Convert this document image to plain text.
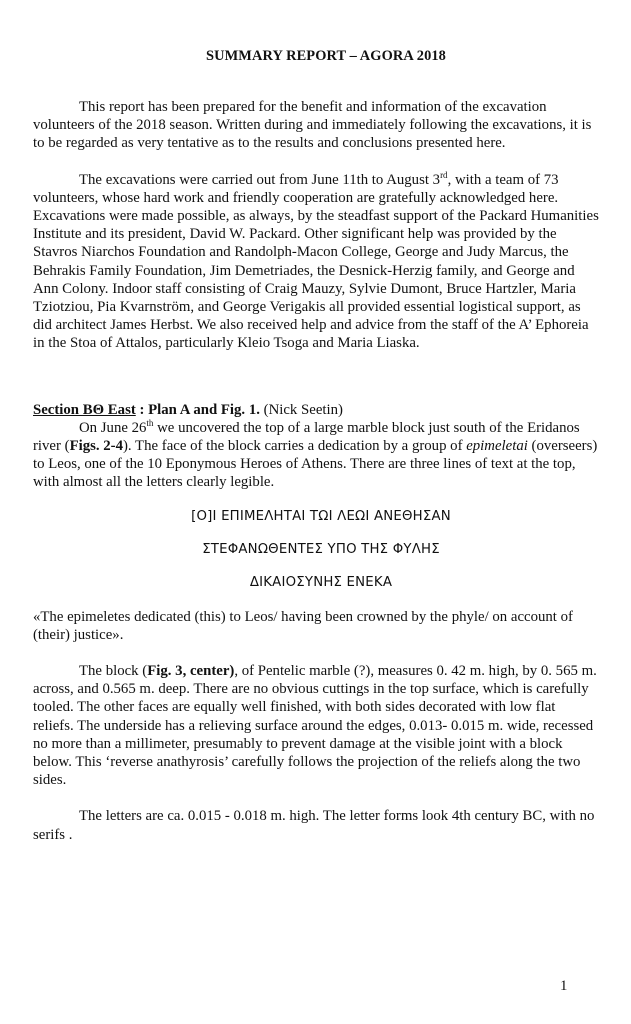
SUMMARY REPORT – AGORA 2018

This report has been prepared for the benefit and information of the excavation volunteers of the 2018 season. Written during and immediately following the excavations, it is to be regarded as very tentative as to the results and conclusions presented here.

The excavations were carried out from June 11th to August 3rd, with a team of 73 volunteers, whose hard work and friendly cooperation are gratefully acknowledged here. Excavations were made possible, as always, by the steadfast support of the Packard Humanities Institute and its president, David W. Packard. Other significant help was provided by the Stavros Niarchos Foundation and Randolph-Macon College, George and Judy Marcus, the Behrakis Family Foundation, Jim Demetriades, the Desnick-Herzig family, and George and Ann Colony. Indoor staff consisting of Craig Mauzy, Sylvie Dumont, Bruce Hartzler, Maria Tziotziou, Pia Kvarnström, and George Verigakis all provided essential logistical support, as did architect James Herbst. We also received help and advice from the staff of the A’ Ephoreia in the Stoa of Attalos, particularly Kleio Tsoga and Maria Liaska.

Section BΘ East : Plan A and Fig. 1. (Nick Seetin)

On June 26th we uncovered the top of a large marble block just south of the Eridanos river (Figs. 2-4). The face of the block carries a dedication by a group of epimeletai (overseers) to Leos, one of the 10 Eponymous Heroes of Athens. There are three lines of text at the top, with almost all the letters clearly legible.

[Ο]Ι ΕΠΙΜΕΛΗΤΑΙ ΤΩΙ ΛΕΩΙ ΑΝΕΘΗΣΑΝ

ΣΤΕΦΑΝΩΘΕΝΤΕΣ ΥΠΟ ΤΗΣ ΦΥΛΗΣ

ΔΙΚΑΙΟΣΥΝΗΣ ΕΝΕΚΑ

«The epimeletes dedicated (this) to Leos/ having been crowned by the phyle/ on account of (their) justice».

The block (Fig. 3, center), of Pentelic marble (?), measures 0. 42 m. high, by 0. 565 m. across, and 0.565 m. deep. There are no obvious cuttings in the top surface, which is carefully tooled. The other faces are equally well finished, with both sides decorated with low flat reliefs. The underside has a relieving surface around the edges, 0.013- 0.015 m. wide, recessed no more than a millimeter, presumably to prevent damage at the visible joint with a block below. This ‘reverse anathyrosis’ carefully follows the projection of the reliefs along the two sides.

The letters are ca. 0.015 - 0.018 m. high. The letter forms look 4th century BC, with no serifs .

1
